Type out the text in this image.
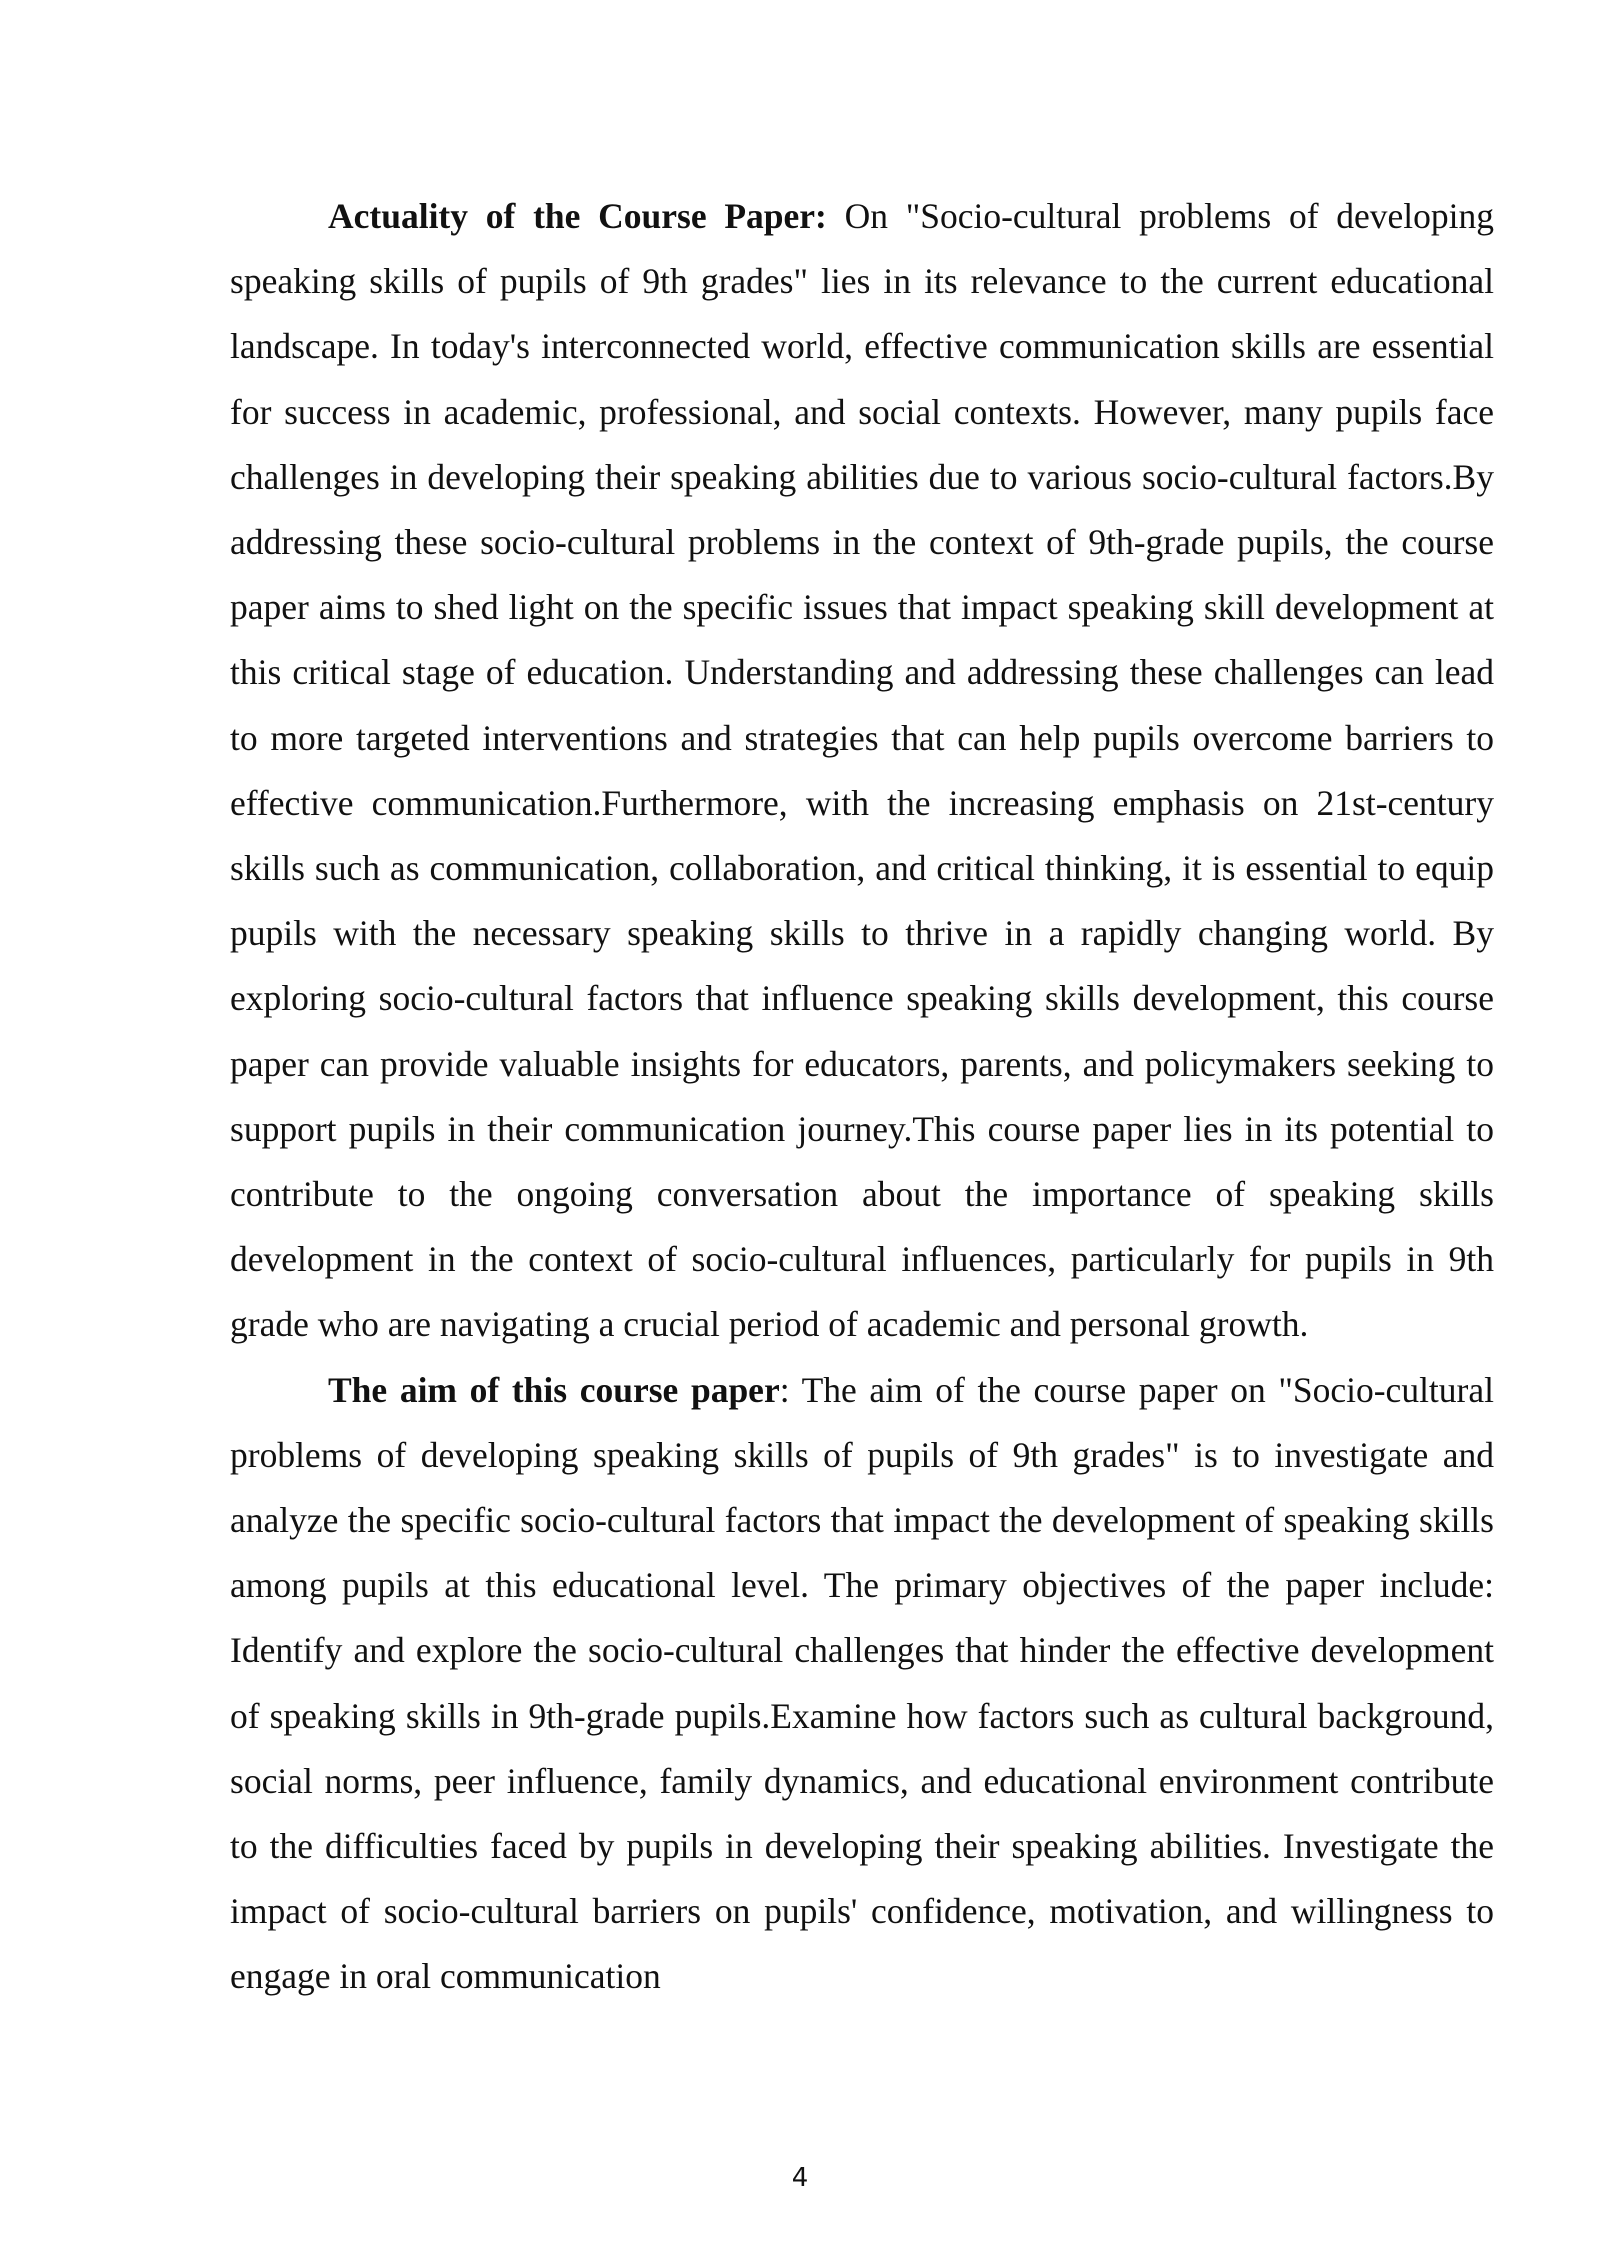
Actuality of the Course Paper: On "Socio-cultural problems of developing speaking skills of pupils of 9th grades" lies in its relevance to the current educational landscape. In today's interconnected world, effective communication skills are essential for success in academic, professional, and social contexts. However, many pupils face challenges in developing their speaking abilities due to various socio-cultural factors.By addressing these socio-cultural problems in the context of 9th-grade pupils, the course paper aims to shed light on the specific issues that impact speaking skill development at this critical stage of education. Understanding and addressing these challenges can lead to more targeted interventions and strategies that can help pupils overcome barriers to effective communication.Furthermore, with the increasing emphasis on 21st-century skills such as communication, collaboration, and critical thinking, it is essential to equip pupils with the necessary speaking skills to thrive in a rapidly changing world. By exploring socio-cultural factors that influence speaking skills development, this course paper can provide valuable insights for educators, parents, and policymakers seeking to support pupils in their communication journey.This course paper lies in its potential to contribute to the ongoing conversation about the importance of speaking skills development in the context of socio-cultural influences, particularly for pupils in 9th grade who are navigating a crucial period of academic and personal growth.

The aim of this course paper: The aim of the course paper on "Socio-cultural problems of developing speaking skills of pupils of 9th grades" is to investigate and analyze the specific socio-cultural factors that impact the development of speaking skills among pupils at this educational level. The primary objectives of the paper include: Identify and explore the socio-cultural challenges that hinder the effective development of speaking skills in 9th-grade pupils.Examine how factors such as cultural background, social norms, peer influence, family dynamics, and educational environment contribute to the difficulties faced by pupils in developing their speaking abilities. Investigate the impact of socio-cultural barriers on pupils' confidence, motivation, and willingness to engage in oral communication

4
